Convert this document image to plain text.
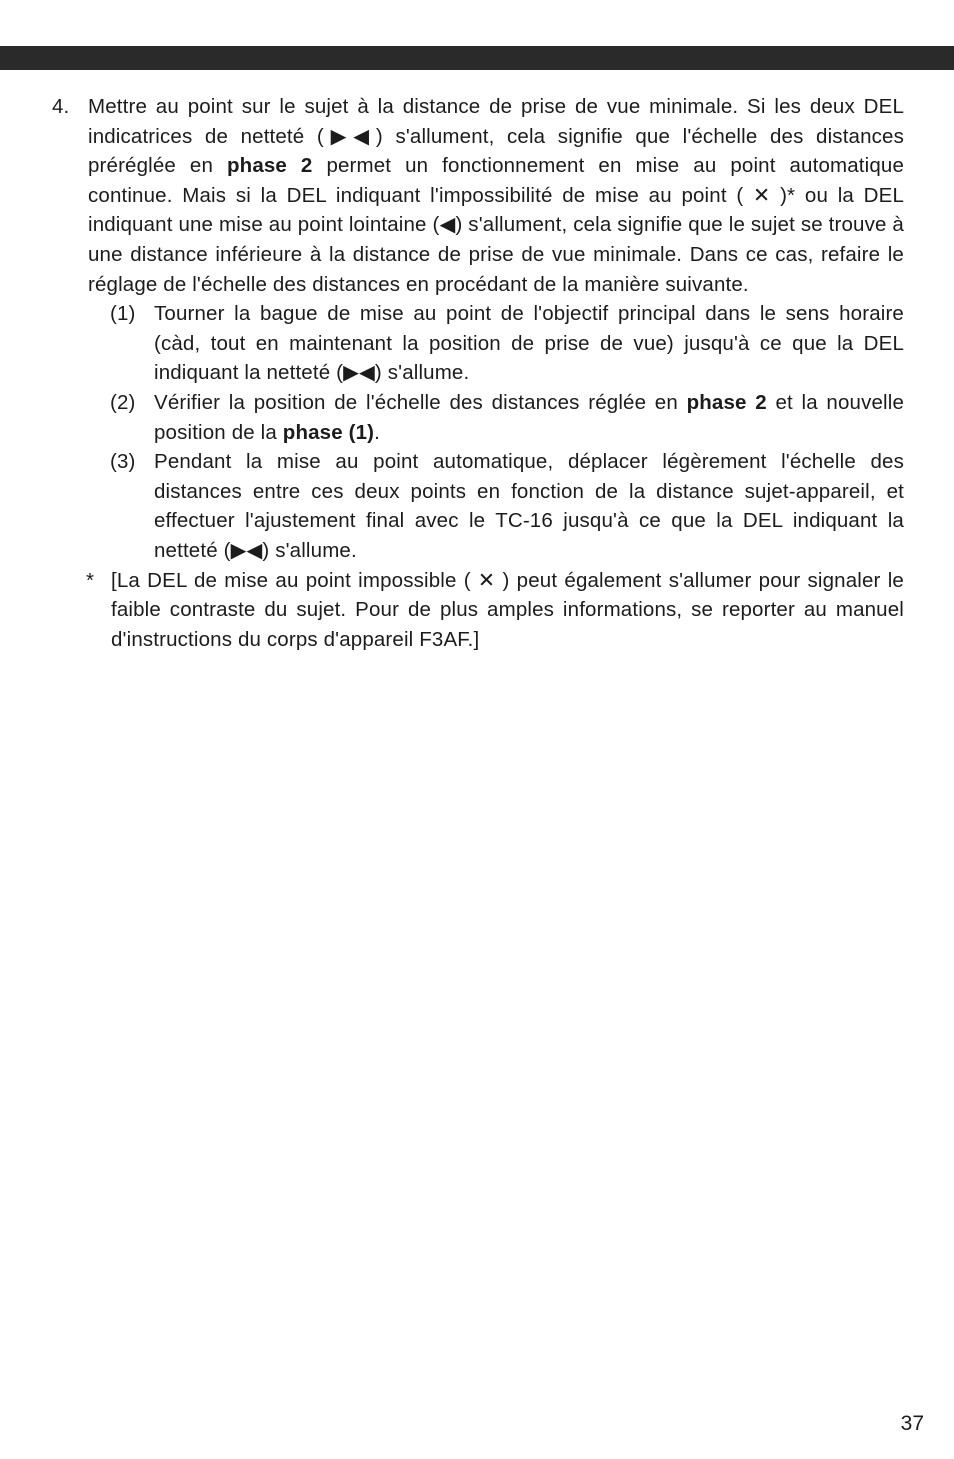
4. Mettre au point sur le sujet à la distance de prise de vue minimale. Si les deux DEL indicatrices de netteté (▶◀) s'allument, cela signifie que l'échelle des distances préréglée en phase 2 permet un fonctionnement en mise au point automatique continue. Mais si la DEL indiquant l'impossibilité de mise au point ( ✕ )* ou la DEL indiquant une mise au point lointaine (◀) s'allument, cela signifie que le sujet se trouve à une distance inférieure à la distance de prise de vue minimale. Dans ce cas, refaire le réglage de l'échelle des distances en procédant de la manière suivante.

(1) Tourner la bague de mise au point de l'objectif principal dans le sens horaire (càd, tout en maintenant la position de prise de vue) jusqu'à ce que la DEL indiquant la netteté (▶◀) s'allume.

(2) Vérifier la position de l'échelle des distances réglée en phase 2 et la nouvelle position de la phase (1).

(3) Pendant la mise au point automatique, déplacer légèrement l'échelle des distances entre ces deux points en fonction de la distance sujet-appareil, et effectuer l'ajustement final avec le TC-16 jusqu'à ce que la DEL indiquant la netteté (▶◀) s'allume.

* [La DEL de mise au point impossible ( ✕ ) peut également s'allumer pour signaler le faible contraste du sujet. Pour de plus amples informations, se reporter au manuel d'instructions du corps d'appareil F3AF.]

37
